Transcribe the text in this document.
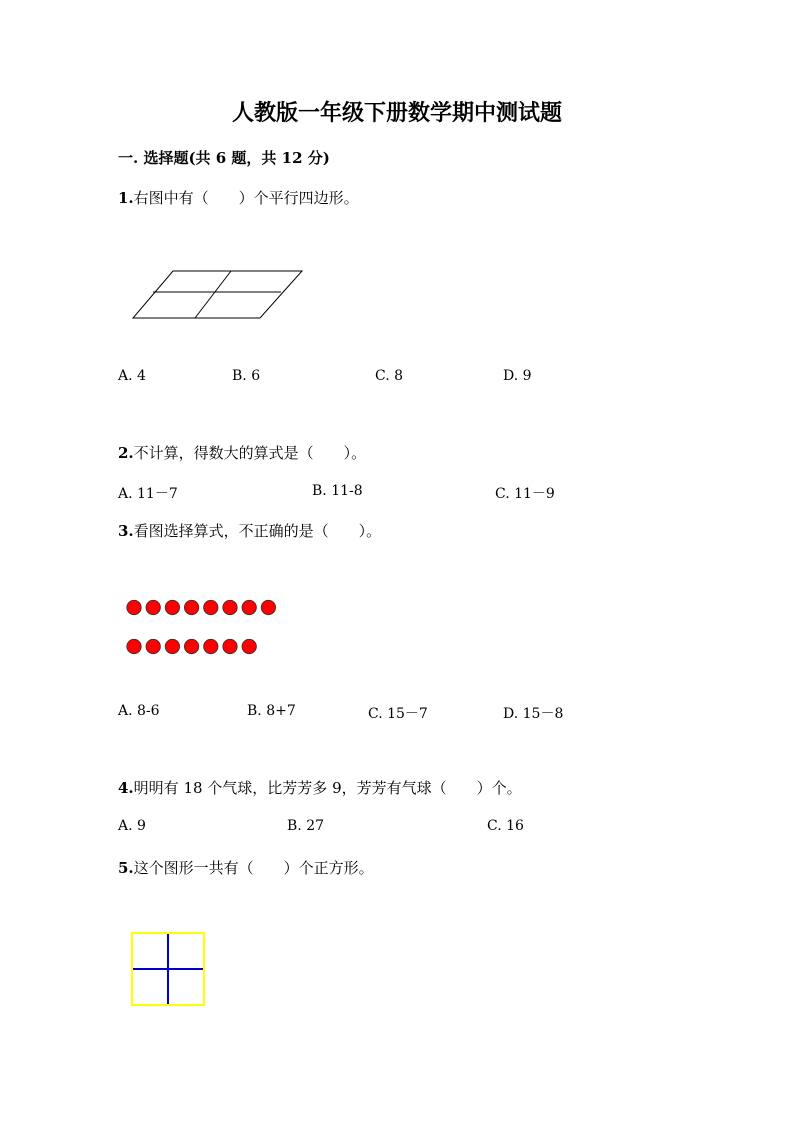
人教版一年级下册数学期中测试题
一. 选择题(共 6 题，共 12 分)
1.右图中有（　　）个平行四边形。
A. 4	B. 6	C. 8	D. 9
2.不计算，得数大的算式是（　　）。
A. 11－7	B. 11-8	C. 11－9
3.看图选择算式，不正确的是（　　）。
A. 8-6	B. 8+7	C. 15－7	D. 15－8
4.明明有 18 个气球，比芳芳多 9，芳芳有气球（　　）个。
A. 9	B. 27	C. 16
5.这个图形一共有（　　）个正方形。
